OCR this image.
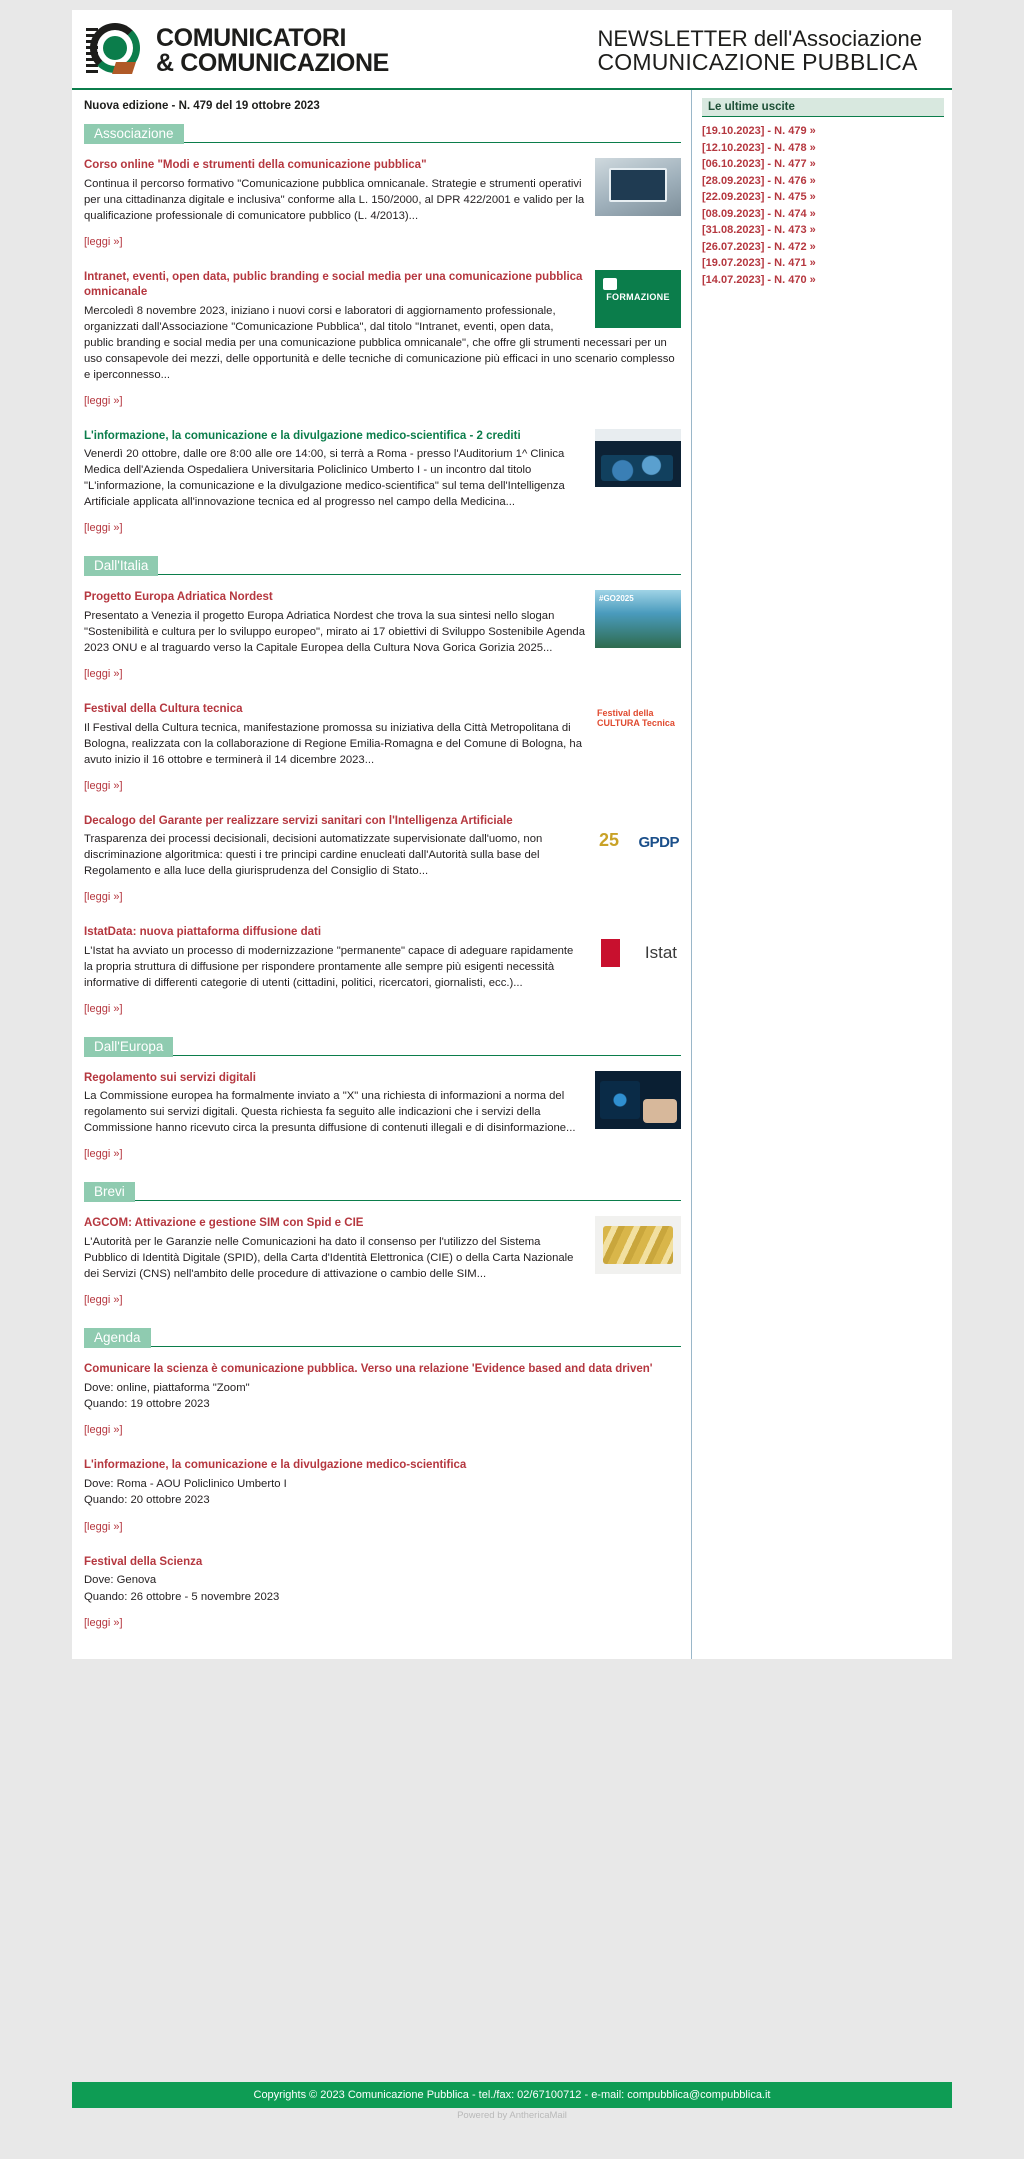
COMUNICATORI
& COMUNICAZIONE
NEWSLETTER dell'Associazione
COMUNICAZIONE PUBBLICA
Nuova edizione - N. 479 del 19 ottobre 2023
Associazione
Corso online "Modi e strumenti della comunicazione pubblica"
Continua il percorso formativo "Comunicazione pubblica omnicanale. Strategie e strumenti operativi per una cittadinanza digitale e inclusiva" conforme alla L. 150/2000, al DPR 422/2001 e valido per la qualificazione professionale di comunicatore pubblico (L. 4/2013)...
[leggi »]
FORMAZIONE
Intranet, eventi, open data, public branding e social media per una comunicazione pubblica omnicanale
Mercoledì 8 novembre 2023, iniziano i nuovi corsi e laboratori di aggiornamento professionale, organizzati dall'Associazione "Comunicazione Pubblica", dal titolo "Intranet, eventi, open data, public branding e social media per una comunicazione pubblica omnicanale", che offre gli strumenti necessari per un uso consapevole dei mezzi, delle opportunità e delle tecniche di comunicazione più efficaci in uno scenario complesso e iperconnesso...
[leggi »]
L'informazione, la comunicazione e la divulgazione medico-scientifica - 2 crediti
Venerdì 20 ottobre, dalle ore 8:00 alle ore 14:00, si terrà a Roma - presso l'Auditorium 1^ Clinica Medica dell'Azienda Ospedaliera Universitaria Policlinico Umberto I - un incontro dal titolo "L'informazione, la comunicazione e la divulgazione medico-scientifica" sul tema dell'Intelligenza Artificiale applicata all'innovazione tecnica ed al progresso nel campo della Medicina...
[leggi »]
Dall'Italia
#GO2025
Progetto Europa Adriatica Nordest
Presentato a Venezia il progetto Europa Adriatica Nordest che trova la sua sintesi nello slogan "Sostenibilità e cultura per lo sviluppo europeo", mirato ai 17 obiettivi di Sviluppo Sostenibile Agenda 2023 ONU e al traguardo verso la Capitale Europea della Cultura Nova Gorica Gorizia 2025...
[leggi »]
Festival della CULTURA Tecnica
Festival della Cultura tecnica
Il Festival della Cultura tecnica, manifestazione promossa su iniziativa della Città Metropolitana di Bologna, realizzata con la collaborazione di Regione Emilia-Romagna e del Comune di Bologna, ha avuto inizio il 16 ottobre e terminerà il 14 dicembre 2023...
[leggi »]
25 GPDP
Decalogo del Garante per realizzare servizi sanitari con l'Intelligenza Artificiale
Trasparenza dei processi decisionali, decisioni automatizzate supervisionate dall'uomo, non discriminazione algoritmica: questi i tre principi cardine enucleati dall'Autorità sulla base del Regolamento e alla luce della giurisprudenza del Consiglio di Stato...
[leggi »]
Istat
IstatData: nuova piattaforma diffusione dati
L'Istat ha avviato un processo di modernizzazione "permanente" capace di adeguare rapidamente la propria struttura di diffusione per rispondere prontamente alle sempre più esigenti necessità informative di differenti categorie di utenti (cittadini, politici, ricercatori, giornalisti, ecc.)...
[leggi »]
Dall'Europa
Regolamento sui servizi digitali
La Commissione europea ha formalmente inviato a "X" una richiesta di informazioni a norma del regolamento sui servizi digitali. Questa richiesta fa seguito alle indicazioni che i servizi della Commissione hanno ricevuto circa la presunta diffusione di contenuti illegali e di disinformazione...
[leggi »]
Brevi
AGCOM: Attivazione e gestione SIM con Spid e CIE
L'Autorità per le Garanzie nelle Comunicazioni ha dato il consenso per l'utilizzo del Sistema Pubblico di Identità Digitale (SPID), della Carta d'Identità Elettronica (CIE) o della Carta Nazionale dei Servizi (CNS) nell'ambito delle procedure di attivazione o cambio delle SIM...
[leggi »]
Agenda
Comunicare la scienza è comunicazione pubblica. Verso una relazione 'Evidence based and data driven'
Dove: online, piattaforma "Zoom"
Quando: 19 ottobre 2023
[leggi »]
L'informazione, la comunicazione e la divulgazione medico-scientifica
Dove: Roma - AOU Policlinico Umberto I
Quando: 20 ottobre 2023
[leggi »]
Festival della Scienza
Dove: Genova
Quando: 26 ottobre - 5 novembre 2023
[leggi »]
Le ultime uscite
[19.10.2023] - N. 479 »
[12.10.2023] - N. 478 »
[06.10.2023] - N. 477 »
[28.09.2023] - N. 476 »
[22.09.2023] - N. 475 »
[08.09.2023] - N. 474 »
[31.08.2023] - N. 473 »
[26.07.2023] - N. 472 »
[19.07.2023] - N. 471 »
[14.07.2023] - N. 470 »
Copyrights © 2023 Comunicazione Pubblica - tel./fax: 02/67100712 - e-mail: compubblica@compubblica.it
Powered by AnthericaMail
